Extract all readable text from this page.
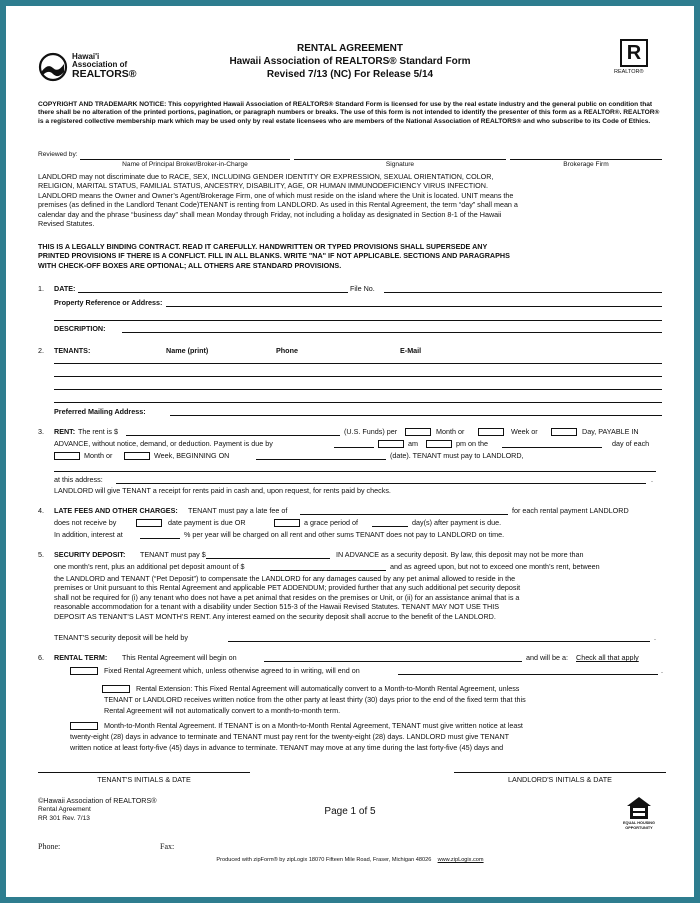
Hawai'i
Association of
REALTORS®
RENTAL AGREEMENT
Hawaii Association of REALTORS® Standard Form
Revised 7/13 (NC) For Release 5/14
R
REALTOR®
COPYRIGHT AND TRADEMARK NOTICE: This copyrighted Hawaii Association of REALTORS® Standard Form is licensed for use by the real estate industry and the general public on condition that there shall be no alteration of the printed portions, pagination, or paragraph numbers or breaks. The use of this form is not intended to identify the presenter of this form as a REALTOR®. REALTOR® is a registered collective membership mark which may be used only by real estate licensees who are members of the National Association of REALTORS® and who subscribe to its Code of Ethics.
Reviewed by:
Name of Principal Broker/Broker-in-Charge	Signature	Brokerage Firm
LANDLORD may not discriminate due to RACE, SEX, INCLUDING GENDER IDENTITY OR EXPRESSION, SEXUAL ORIENTATION, COLOR,
RELIGION, MARITAL STATUS, FAMILIAL STATUS, ANCESTRY, DISABILITY, AGE, OR HUMAN IMMUNODEFICIENCY VIRUS INFECTION.
LANDLORD means the Owner and Owner’s Agent/Brokerage Firm, one of which must reside on the island where the Unit is located. UNIT means the
premises (as defined in the Landlord Tenant Code)TENANT is renting from LANDLORD. As used in this Rental Agreement, the term “day” shall mean a
calendar day and the phrase “business day” shall mean Monday through Friday, not including a holiday as designated in Section 8-1 of the Hawaii
Revised Statutes.
THIS IS A LEGALLY BINDING CONTRACT. READ IT CAREFULLY. HANDWRITTEN OR TYPED PROVISIONS SHALL SUPERSEDE ANY
PRINTED PROVISIONS IF THERE IS A CONFLICT. FILL IN ALL BLANKS. WRITE "NA" IF NOT APPLICABLE. SECTIONS AND PARAGRAPHS
WITH CHECK-OFF BOXES ARE OPTIONAL; ALL OTHERS ARE STANDARD PROVISIONS.
1. DATE:	File No.
Property Reference or Address:
DESCRIPTION:
2. TENANTS:	Name (print)	Phone	E-Mail
Preferred Mailing Address:
3. RENT: The rent is $	(U.S. Funds) per	Month or	Week or	Day, PAYABLE IN
ADVANCE, without notice, demand, or deduction. Payment is due by	am	pm on the	day of each
Month or	Week, BEGINNING ON	(date). TENANT must pay to LANDLORD,
at this address:	.
LANDLORD will give TENANT a receipt for rents paid in cash and, upon request, for rents paid by checks.
4. LATE FEES AND OTHER CHARGES: TENANT must pay a late fee of	for each rental payment LANDLORD
does not receive by	date payment is due OR	a grace period of	day(s) after payment is due.
In addition, interest at	% per year will be charged on all rent and other sums TENANT does not pay to LANDLORD on time.
5. SECURITY DEPOSIT: TENANT must pay $	IN ADVANCE as a security deposit. By law, this deposit may not be more than
one month’s rent, plus an additional pet deposit amount of $	and as agreed upon, but not to exceed one month’s rent, between
the LANDLORD and TENANT (“Pet Deposit”) to compensate the LANDLORD for any damages caused by any pet animal allowed to reside in the
premises or Unit pursuant to this Rental Agreement and applicable PET ADDENDUM; provided further that any such additional pet security deposit
shall not be required for (i) any tenant who does not have a pet animal that resides on the premises or Unit, or (ii) for an assistance animal that is a
reasonable accommodation for a tenant with a disability under Section 515-3 of the Hawaii Revised Statutes. TENANT MAY NOT USE THIS
DEPOSIT AS TENANT’S LAST MONTH’S RENT. Any interest earned on the security deposit shall accrue to the benefit of the LANDLORD.
TENANT'S security deposit will be held by	.
6. RENTAL TERM: This Rental Agreement will begin on	and will be a: Check all that apply
Fixed Rental Agreement which, unless otherwise agreed to in writing, will end on	.
Rental Extension: This Fixed Rental Agreement will automatically convert to a Month-to-Month Rental Agreement, unless
TENANT or LANDLORD receives written notice from the other party at least thirty (30) days prior to the end of the fixed term that this
Rental Agreement will not automatically convert to a month-to-month term.
Month-to-Month Rental Agreement. If TENANT is on a Month-to-Month Rental Agreement, TENANT must give written notice at least
twenty-eight (28) days in advance to terminate and TENANT must pay rent for the twenty-eight (28) days. LANDLORD must give TENANT
written notice at least forty-five (45) days in advance to terminate. TENANT may move at any time during the last forty-five (45) days and
TENANT'S INITIALS & DATE	LANDLORD'S INITIALS & DATE
©Hawaii Association of REALTORS®
Rental Agreement
RR 301 Rev. 7/13
Page 1 of 5
EQUAL HOUSING
OPPORTUNITY
Phone:	Fax:
Produced with zipForm® by zipLogix 18070 Fifteen Mile Road, Fraser, Michigan 48026 www.zipLogix.com
